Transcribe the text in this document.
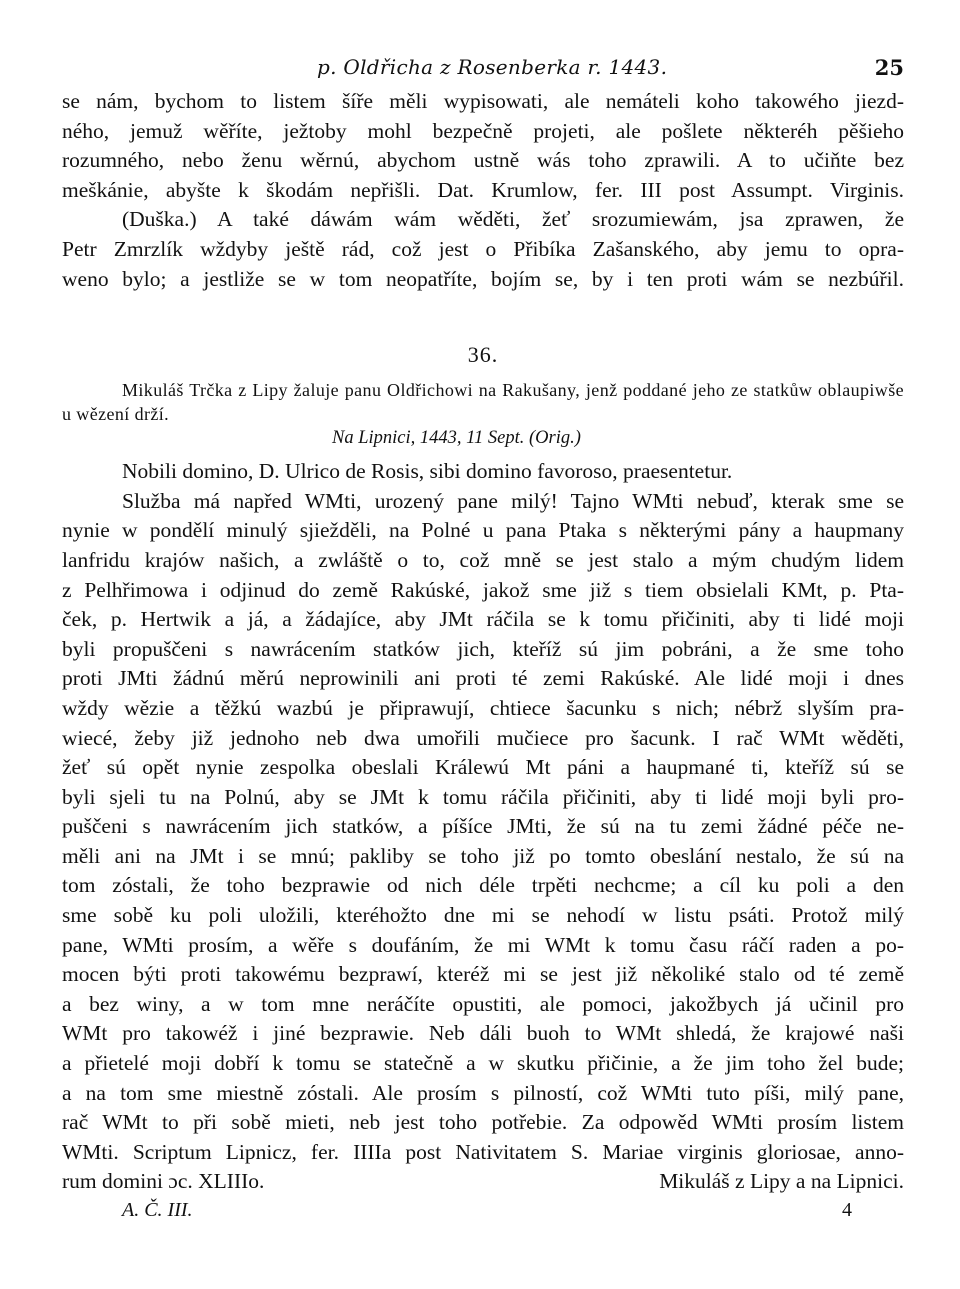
p. Oldřicha z Rosenberka r. 1443.	25
se nám, bychom to listem šíře měli wypisowati, ale nemáteli koho takowého jiezd-
ného, jemuž wěříte, ježtoby mohl bezpečně projeti, ale pošlete některéh pěšieho
rozumného, nebo ženu wěrnú, abychom ustně wás toho zprawili. A to učiňte bez
meškánie, abyšte k škodám nepřišli. Dat. Krumlow, fer. III post Assumpt. Virginis.
(Duška.) A také dáwám wám wěděti, žeť srozumiewám, jsa zprawen, že
Petr Zmrzlík wždyby ještě rád, což jest o Přibíka Zašanského, aby jemu to opra-
weno bylo; a jestliže se w tom neopatříte, bojím se, by i ten proti wám se nezbúřil.
36.

Mikuláš Trčka z Lipy žaluje panu Oldřichowi na Rakušany, jenž poddané jeho ze statkůw oblaupiwše u wězení drží.

Na Lipnici, 1443, 11 Sept. (Orig.)

Nobili domino, D. Ulrico de Rosis, sibi domino favoroso, praesentetur.

Služba má napřed WMti, urozený pane milý! Tajno WMti nebuď, kterak sme se
nynie w pondělí minulý sjiežděli, na Polné u pana Ptaka s některými pány a haupmany
lanfridu krajów našich, a zwláště o to, což mně se jest stalo a mým chudým lidem
z Pelhřimowa i odjinud do země Rakúské, jakož sme již s tiem obsielali KMt, p. Pta-
ček, p. Hertwik a já, a žádajíce, aby JMt ráčila se k tomu přičiniti, aby ti lidé moji
byli propuščeni s nawrácením statków jich, kteříž sú jim pobráni, a že sme toho
proti JMti žádnú měrú neprowinili ani proti té zemi Rakúské. Ale lidé moji i dnes
wždy wězie a těžkú wazbú je připrawují, chtiece šacunku s nich; nébrž slyším pra-
wiecé, žeby již jednoho neb dwa umořili mučiece pro šacunk. I rač WMt wěděti,
žeť sú opět nynie zespolka obeslali Králewú Mt páni a haupmané ti, kteříž sú se
byli sjeli tu na Polnú, aby se JMt k tomu ráčila přičiniti, aby ti lidé moji byli pro-
puščeni s nawrácením jich statków, a píšíce JMti, že sú na tu zemi žádné péče ne-
měli ani na JMt i se mnú; pakliby se toho již po tomto obeslání nestalo, že sú na
tom zóstali, že toho bezprawie od nich déle trpěti nechcme; a cíl ku poli a den
sme sobě ku poli uložili, kteréhožto dne mi se nehodí w listu psáti. Protož milý
pane, WMti prosím, a wěře s doufáním, že mi WMt k tomu času ráčí raden a po-
mocen býti proti takowému bezprawí, kteréž mi se jest již několiké stalo od té země
a bez winy, a w tom mne neráčíte opustiti, ale pomoci, jakožbych já učinil pro
WMt pro takowéž i jiné bezprawie. Neb dáli buoh to WMt shledá, že krajowé naši
a přietelé moji dobří k tomu se statečně a w skutku přičinie, a že jim toho žel bude;
a na tom sme miestně zóstali. Ale prosím s pilností, což WMti tuto píši, milý pane,
rač WMt to při sobě mieti, neb jest toho potřebie. Za odpowěd WMti prosím listem
WMti. Scriptum Lipnicz, fer. IIIIa post Nativitatem S. Mariae virginis gloriosae, anno-
rum domini ɔc. XLIIIo.	Mikuláš z Lipy a na Lipnici.
A. Č. III.	4
